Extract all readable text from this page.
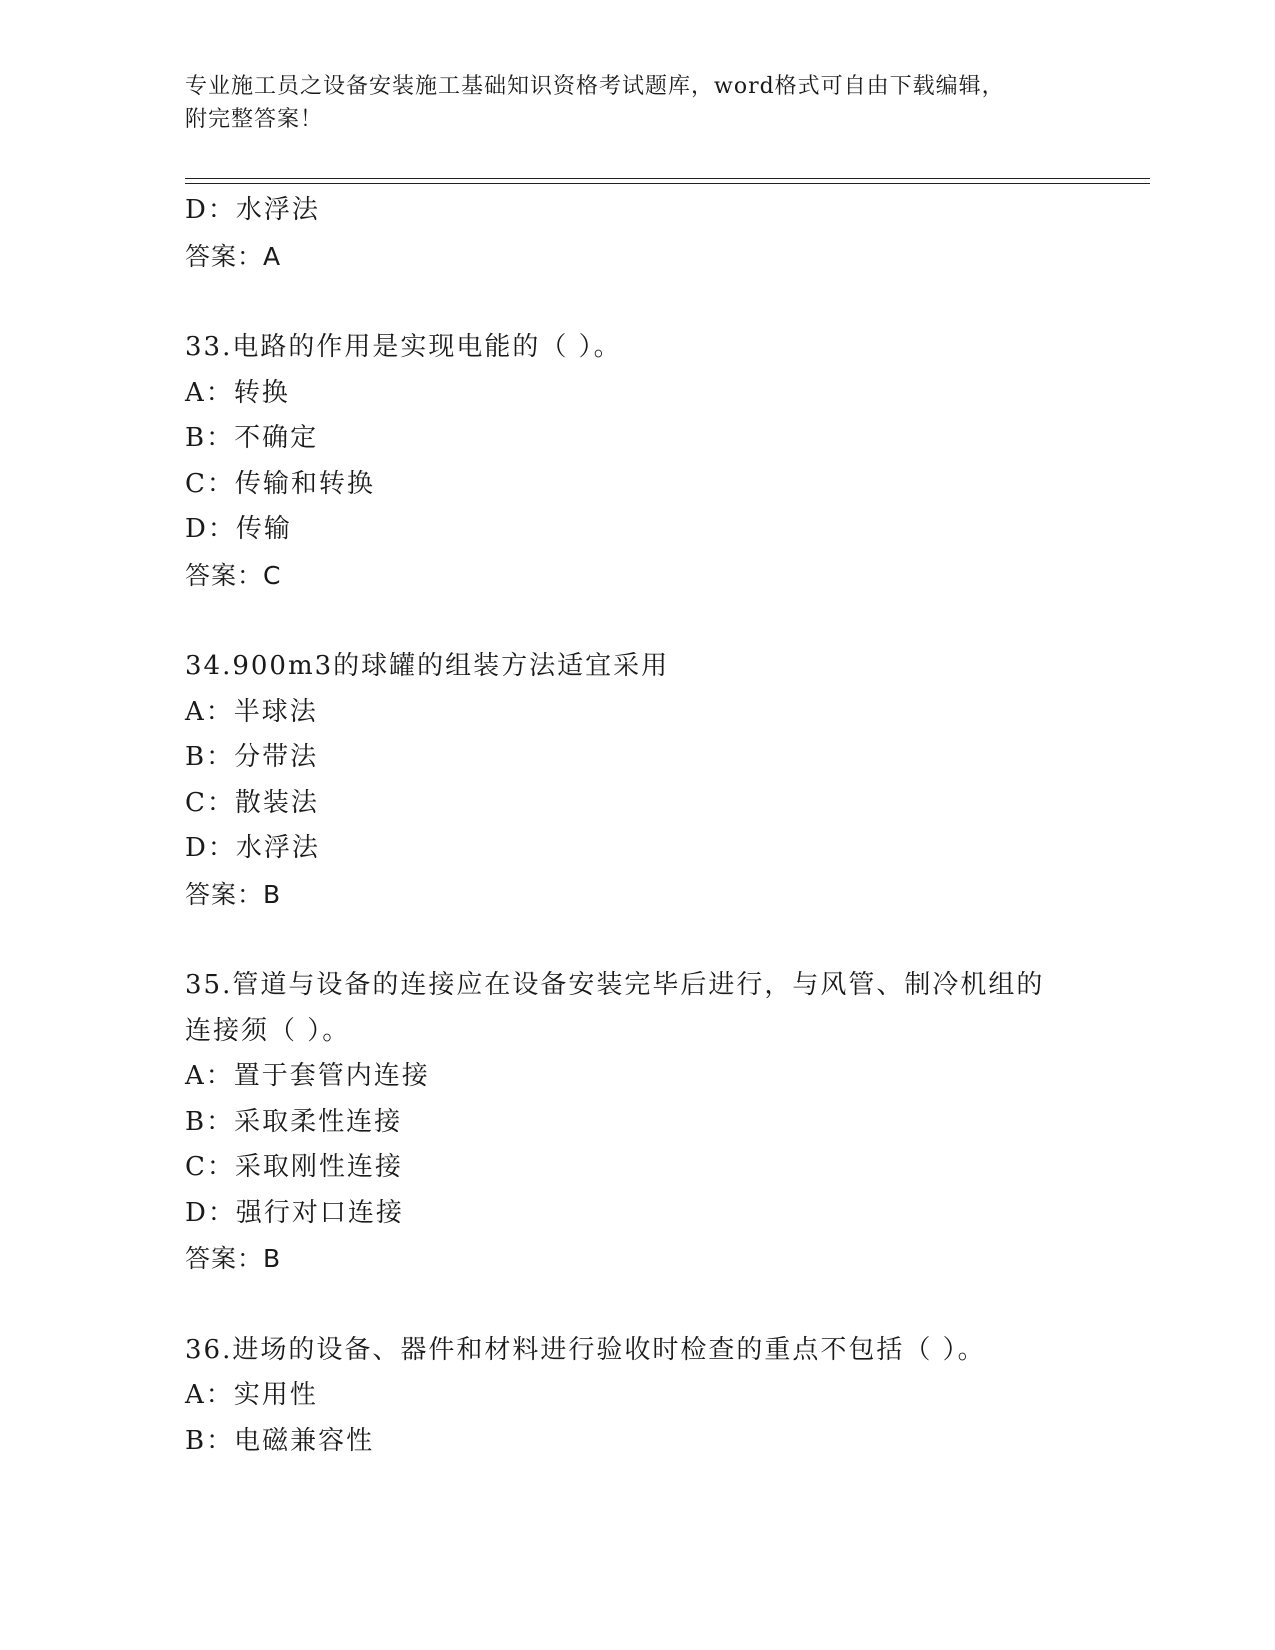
专业施工员之设备安装施工基础知识资格考试题库，word格式可自由下载编辑，
附完整答案！
D：水浮法
答案：A
33.电路的作用是实现电能的（ ）。
A：转换
B：不确定
C：传输和转换
D：传输
答案：C
34.900m3的球罐的组装方法适宜采用
A：半球法
B：分带法
C：散装法
D：水浮法
答案：B
35.管道与设备的连接应在设备安装完毕后进行，与风管、制冷机组的
连接须（ ）。
A：置于套管内连接
B：采取柔性连接
C：采取刚性连接
D：强行对口连接
答案：B
36.进场的设备、器件和材料进行验收时检查的重点不包括（ ）。
A：实用性
B：电磁兼容性
